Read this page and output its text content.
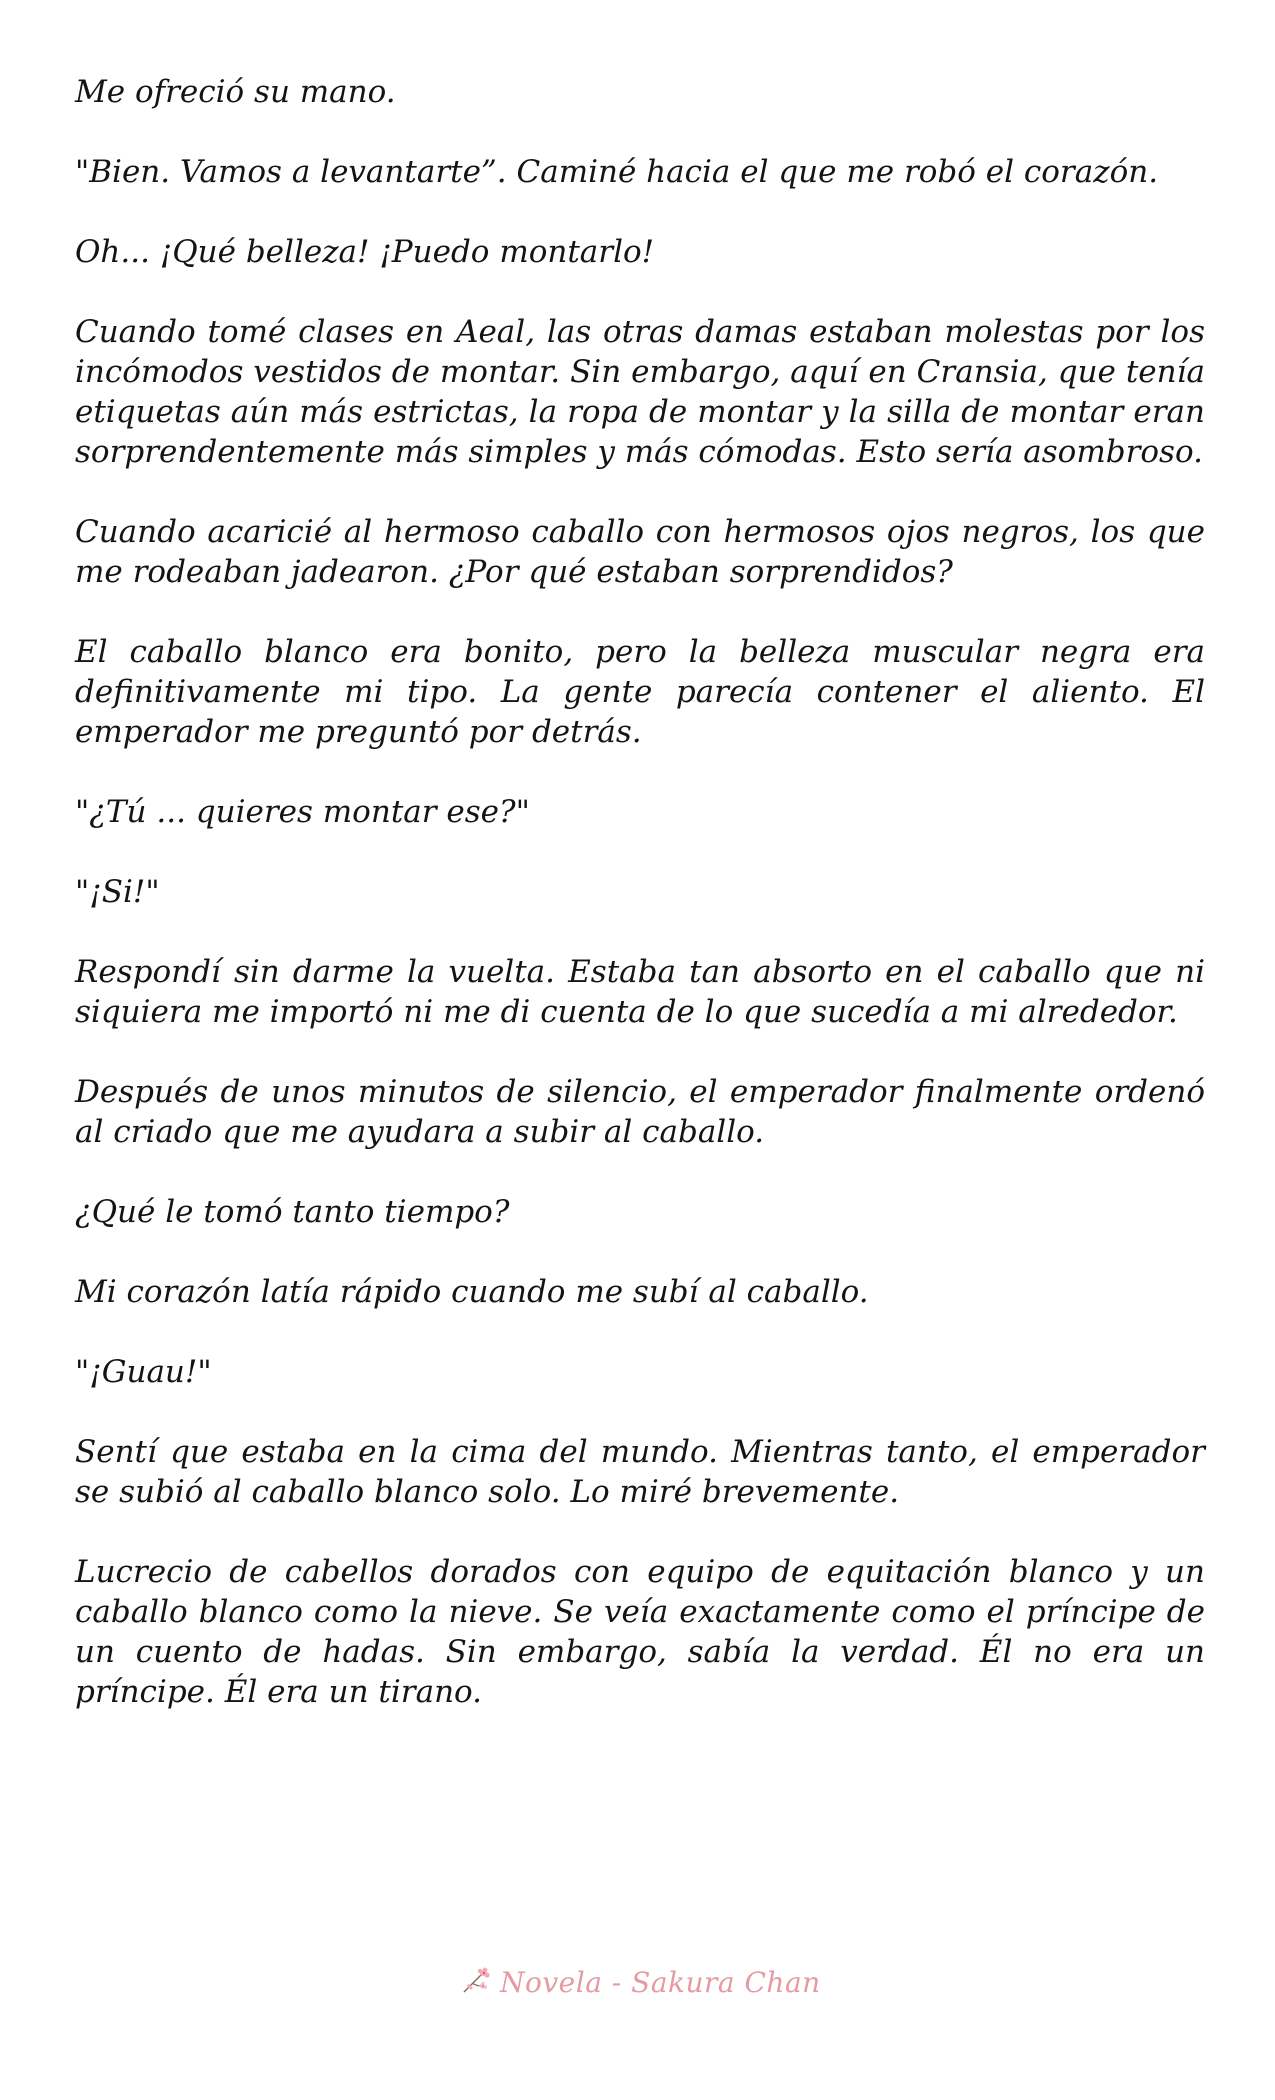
Me ofreció su mano.

"Bien. Vamos a levantarte”. Caminé hacia el que me robó el corazón.

Oh... ¡Qué belleza! ¡Puedo montarlo!

Cuando tomé clases en Aeal, las otras damas estaban molestas por los incómodos vestidos de montar. Sin embargo, aquí en Cransia, que tenía etiquetas aún más estrictas, la ropa de montar y la silla de montar eran sorprendentemente más simples y más cómodas. Esto sería asombroso.

Cuando acaricié al hermoso caballo con hermosos ojos negros, los que me rodeaban jadearon. ¿Por qué estaban sorprendidos?

El caballo blanco era bonito, pero la belleza muscular negra era definitivamente mi tipo. La gente parecía contener el aliento. El emperador me preguntó por detrás.

"¿Tú ... quieres montar ese?"

"¡Si!"

Respondí sin darme la vuelta. Estaba tan absorto en el caballo que ni siquiera me importó ni me di cuenta de lo que sucedía a mi alrededor.

Después de unos minutos de silencio, el emperador finalmente ordenó al criado que me ayudara a subir al caballo.

¿Qué le tomó tanto tiempo?

Mi corazón latía rápido cuando me subí al caballo.

"¡Guau!"

Sentí que estaba en la cima del mundo. Mientras tanto, el emperador se subió al caballo blanco solo. Lo miré brevemente.

Lucrecio de cabellos dorados con equipo de equitación blanco y un caballo blanco como la nieve. Se veía exactamente como el príncipe de un cuento de hadas. Sin embargo, sabía la verdad. Él no era un príncipe. Él era un tirano.

Novela - Sakura Chan
